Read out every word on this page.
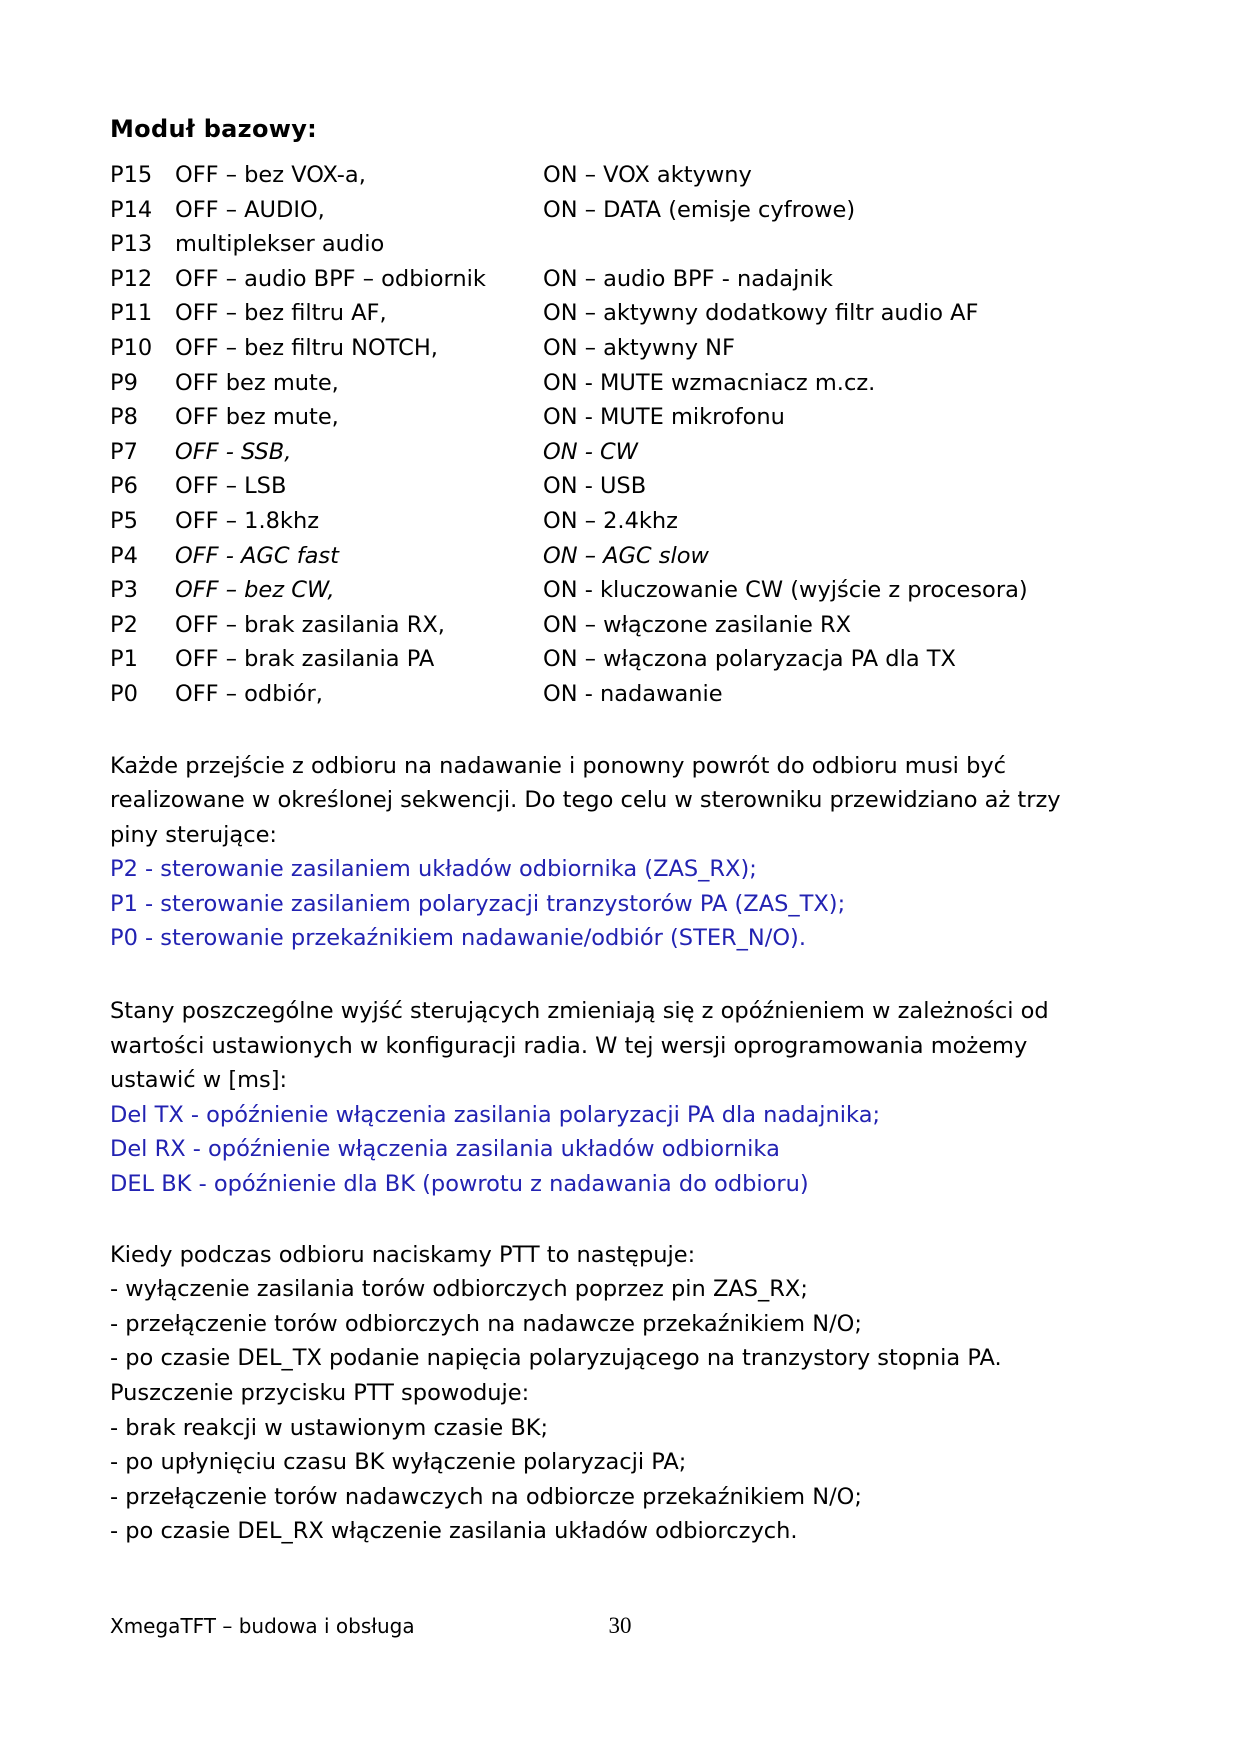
Moduł bazowy:
P15	OFF – bez VOX-a,	ON – VOX aktywny
P14	OFF – AUDIO,	ON – DATA (emisje cyfrowe)
P13	multiplekser audio
P12	OFF – audio BPF – odbiornik	ON – audio BPF - nadajnik
P11	OFF – bez filtru AF,	ON – aktywny dodatkowy filtr audio AF
P10	OFF – bez filtru NOTCH,	ON – aktywny NF
P9	OFF bez mute,	ON - MUTE wzmacniacz m.cz.
P8	OFF bez mute,	ON - MUTE mikrofonu
P7	OFF - SSB,	ON - CW
P6	OFF – LSB	ON - USB
P5	OFF – 1.8khz	ON – 2.4khz
P4	OFF - AGC fast	ON – AGC slow
P3	OFF – bez CW,	ON - kluczowanie CW (wyjście z procesora)
P2	OFF – brak zasilania RX,	ON – włączone zasilanie RX
P1	OFF – brak zasilania PA	ON – włączona polaryzacja PA dla TX
P0	OFF – odbiór,	ON - nadawanie
Każde przejście z odbioru na nadawanie i ponowny powrót do odbioru musi być
realizowane w określonej sekwencji. Do tego celu w sterowniku przewidziano aż trzy
piny sterujące:
P2 - sterowanie zasilaniem układów odbiornika (ZAS_RX);
P1 - sterowanie zasilaniem polaryzacji tranzystorów PA (ZAS_TX);
P0 - sterowanie przekaźnikiem nadawanie/odbiór (STER_N/O).
Stany poszczególne wyjść sterujących zmieniają się z opóźnieniem w zależności od
wartości ustawionych w konfiguracji radia. W tej wersji oprogramowania możemy
ustawić w [ms]:
Del TX - opóźnienie włączenia zasilania polaryzacji PA dla nadajnika;
Del RX - opóźnienie włączenia zasilania układów odbiornika
DEL BK - opóźnienie dla BK (powrotu z nadawania do odbioru)
Kiedy podczas odbioru naciskamy PTT to następuje:
- wyłączenie zasilania torów odbiorczych poprzez pin ZAS_RX;
- przełączenie torów odbiorczych na nadawcze przekaźnikiem N/O;
- po czasie DEL_TX podanie napięcia polaryzującego na tranzystory stopnia PA.
Puszczenie przycisku PTT spowoduje:
- brak reakcji w ustawionym czasie BK;
- po upłynięciu czasu BK wyłączenie polaryzacji PA;
- przełączenie torów nadawczych na odbiorcze przekaźnikiem N/O;
- po czasie DEL_RX włączenie zasilania układów odbiorczych.
XmegaTFT – budowa i obsługa	30
